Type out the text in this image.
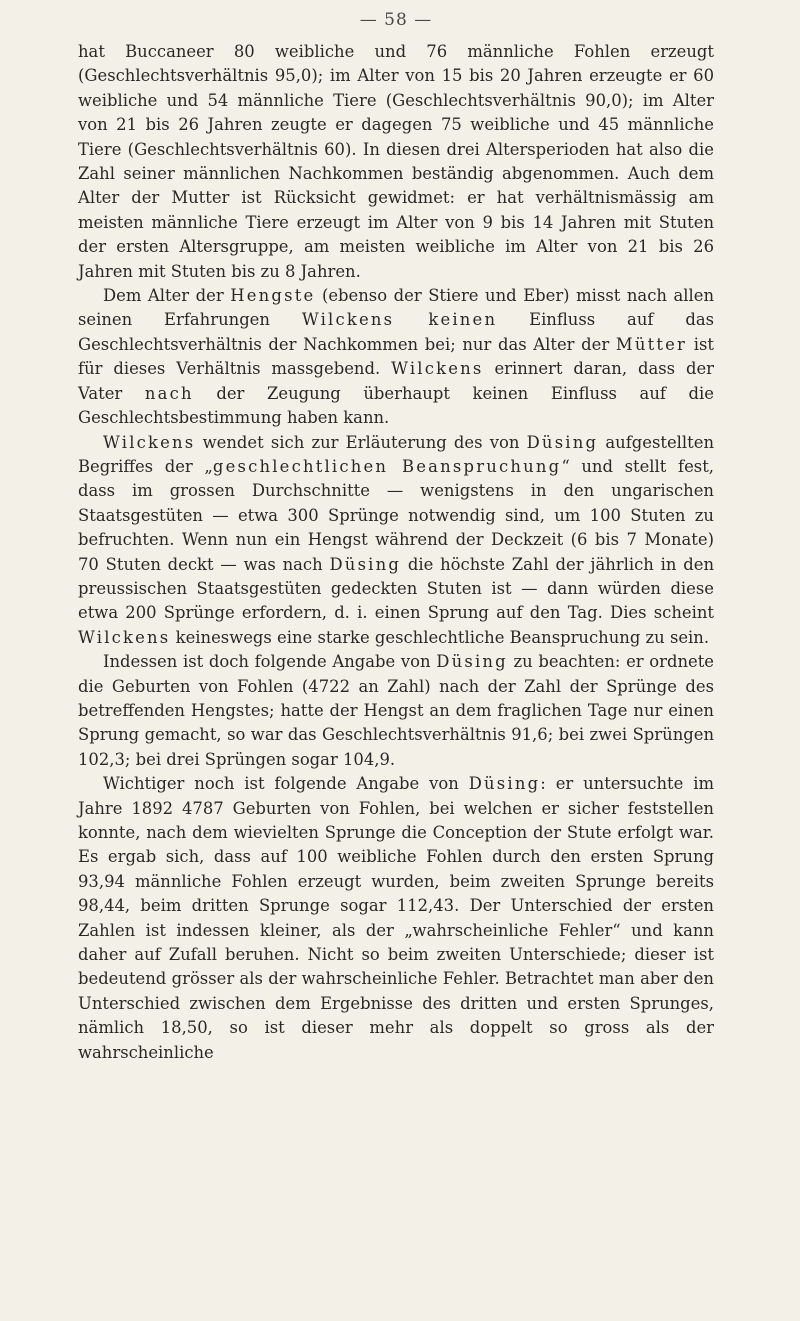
— 58 —

hat Buccaneer 80 weibliche und 76 männliche Fohlen erzeugt (Geschlechtsverhältnis 95,0); im Alter von 15 bis 20 Jahren erzeugte er 60 weibliche und 54 männliche Tiere (Geschlechtsverhältnis 90,0); im Alter von 21 bis 26 Jahren zeugte er dagegen 75 weibliche und 45 männliche Tiere (Geschlechtsverhältnis 60). In diesen drei Altersperioden hat also die Zahl seiner männlichen Nachkommen beständig abgenommen. Auch dem Alter der Mutter ist Rücksicht gewidmet: er hat verhältnismässig am meisten männliche Tiere erzeugt im Alter von 9 bis 14 Jahren mit Stuten der ersten Altersgruppe, am meisten weibliche im Alter von 21 bis 26 Jahren mit Stuten bis zu 8 Jahren.

Dem Alter der Hengste (ebenso der Stiere und Eber) misst nach allen seinen Erfahrungen Wilckens keinen Einfluss auf das Geschlechtsverhältnis der Nachkommen bei; nur das Alter der Mütter ist für dieses Verhältnis massgebend. Wilckens erinnert daran, dass der Vater nach der Zeugung überhaupt keinen Einfluss auf die Geschlechtsbestimmung haben kann.

Wilckens wendet sich zur Erläuterung des von Düsing aufgestellten Begriffes der „geschlechtlichen Beanspruchung“ und stellt fest, dass im grossen Durchschnitte — wenigstens in den ungarischen Staatsgestüten — etwa 300 Sprünge notwendig sind, um 100 Stuten zu befruchten. Wenn nun ein Hengst während der Deckzeit (6 bis 7 Monate) 70 Stuten deckt — was nach Düsing die höchste Zahl der jährlich in den preussischen Staatsgestüten gedeckten Stuten ist — dann würden diese etwa 200 Sprünge erfordern, d. i. einen Sprung auf den Tag. Dies scheint Wilckens keineswegs eine starke geschlechtliche Beanspruchung zu sein.

Indessen ist doch folgende Angabe von Düsing zu beachten: er ordnete die Geburten von Fohlen (4722 an Zahl) nach der Zahl der Sprünge des betreffenden Hengstes; hatte der Hengst an dem fraglichen Tage nur einen Sprung gemacht, so war das Geschlechtsverhältnis 91,6; bei zwei Sprüngen 102,3; bei drei Sprüngen sogar 104,9.

Wichtiger noch ist folgende Angabe von Düsing: er untersuchte im Jahre 1892 4787 Geburten von Fohlen, bei welchen er sicher feststellen konnte, nach dem wievielten Sprunge die Conception der Stute erfolgt war. Es ergab sich, dass auf 100 weibliche Fohlen durch den ersten Sprung 93,94 männliche Fohlen erzeugt wurden, beim zweiten Sprunge bereits 98,44, beim dritten Sprunge sogar 112,43. Der Unterschied der ersten Zahlen ist indessen kleiner, als der „wahrscheinliche Fehler“ und kann daher auf Zufall beruhen. Nicht so beim zweiten Unterschiede; dieser ist bedeutend grösser als der wahrscheinliche Fehler. Betrachtet man aber den Unterschied zwischen dem Ergebnisse des dritten und ersten Sprunges, nämlich 18,50, so ist dieser mehr als doppelt so gross als der wahrscheinliche
